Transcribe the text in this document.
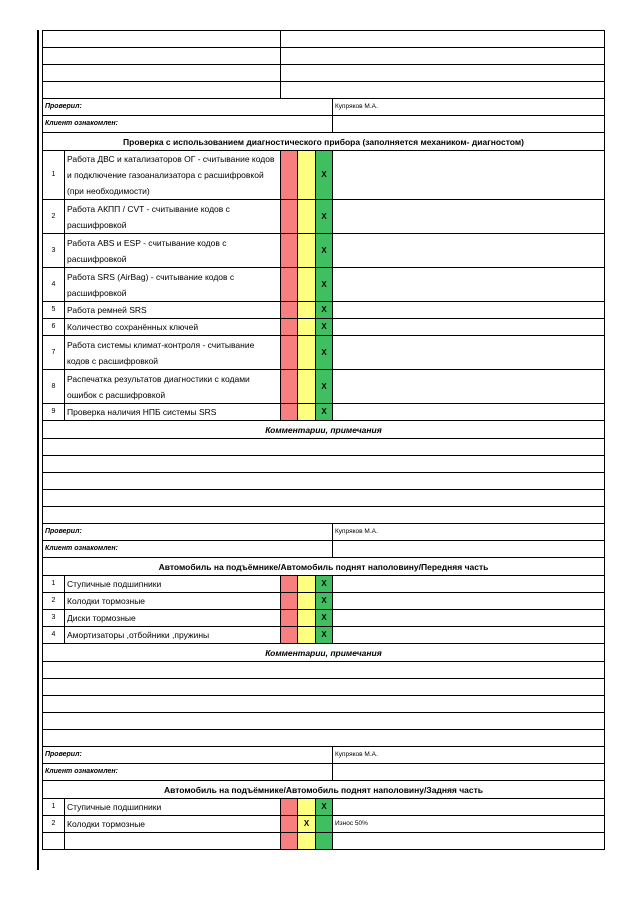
Проверил:					Купряков М.А.
Клиент ознакомлен:					
Проверка с использованием диагностического прибора (заполняется механиком- диагностом)					
1	Работа ДВС и катализаторов ОГ - считывание кодов и подключение газоанализатора с расшифровкой (при необходимости)			X	
2	Работа АКПП / CVT - считывание кодов с расшифровкой			X	
3	Работа ABS и ESP - считывание кодов с расшифровкой			X	
4	Работа SRS (AirBag) - считывание кодов с расшифровкой			X	
5	Работа ремней SRS			X	
6	Количество сохранённых ключей			X	
7	Работа системы климат-контроля - считывание кодов с расшифровкой			X	
8	Распечатка результатов диагностики с кодами ошибок с расшифровкой			X	
9	Проверка наличия НПБ системы SRS			X	
Комментарии, примечания					

Проверил:					Купряков М.А.
Клиент ознакомлен:					
Автомобиль на подъёмнике/Автомобиль поднят наполовину/Передняя часть					
1	Ступичные подшипники			X	
2	Колодки тормозные			X	
3	Диски тормозные			X	
4	Амортизаторы ,отбойники ,пружины			X	
Комментарии, примечания					

Проверил:					Купряков М.А.
Клиент ознакомлен:					
Автомобиль на подъёмнике/Автомобиль поднят наполовину/Задняя часть					
1	Ступичные подшипники			X	
2	Колодки тормозные		X		Износ 50%
